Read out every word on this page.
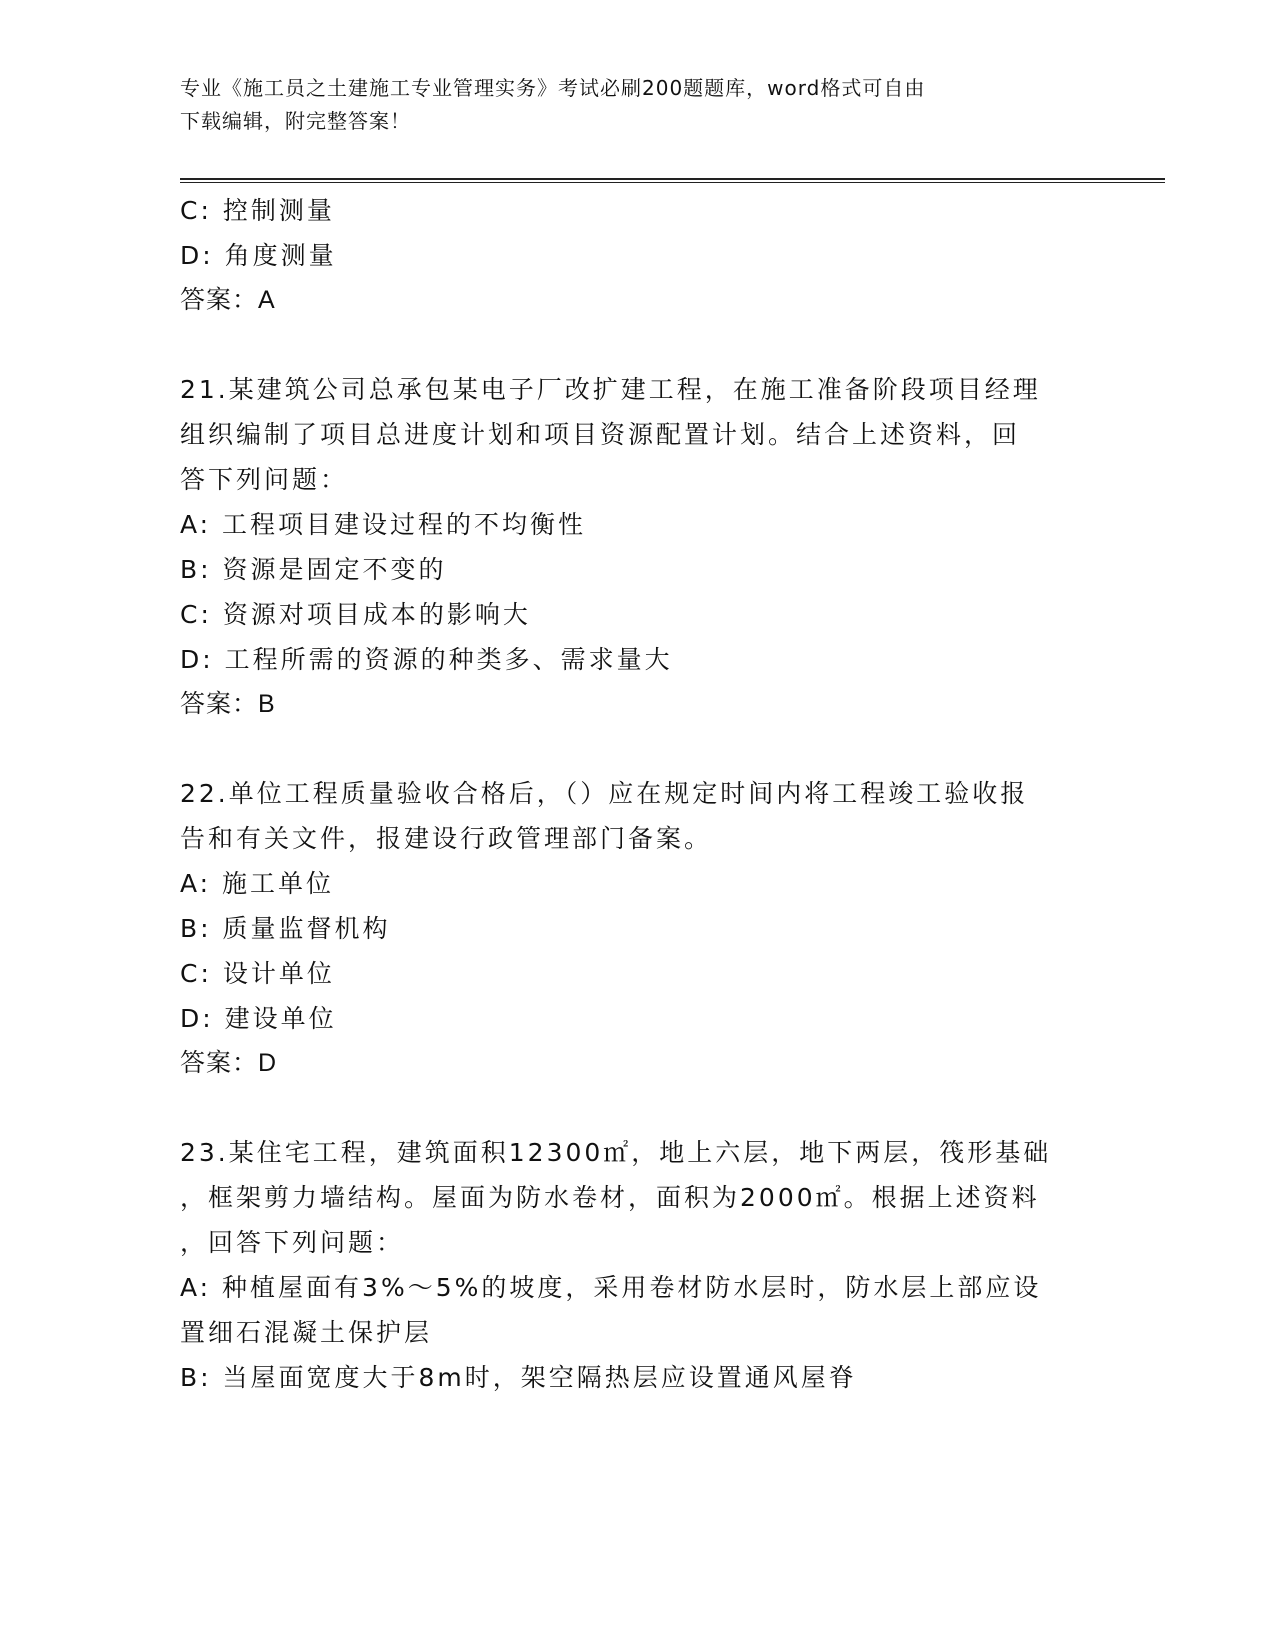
专业《施工员之土建施工专业管理实务》考试必刷200题题库，word格式可自由
下载编辑，附完整答案！
C: 控制测量
D: 角度测量
答案：A
21.某建筑公司总承包某电子厂改扩建工程，在施工准备阶段项目经理
组织编制了项目总进度计划和项目资源配置计划。结合上述资料，回
答下列问题：
A: 工程项目建设过程的不均衡性
B: 资源是固定不变的
C: 资源对项目成本的影响大
D: 工程所需的资源的种类多、需求量大
答案：B
22.单位工程质量验收合格后，（）应在规定时间内将工程竣工验收报
告和有关文件，报建设行政管理部门备案。
A: 施工单位
B: 质量监督机构
C: 设计单位
D: 建设单位
答案：D
23.某住宅工程，建筑面积12300㎡，地上六层，地下两层，筏形基础
，框架剪力墙结构。屋面为防水卷材，面积为2000㎡。根据上述资料
，回答下列问题：
A: 种植屋面有3%～5%的坡度，采用卷材防水层时，防水层上部应设
置细石混凝土保护层
B: 当屋面宽度大于8m时，架空隔热层应设置通风屋脊
